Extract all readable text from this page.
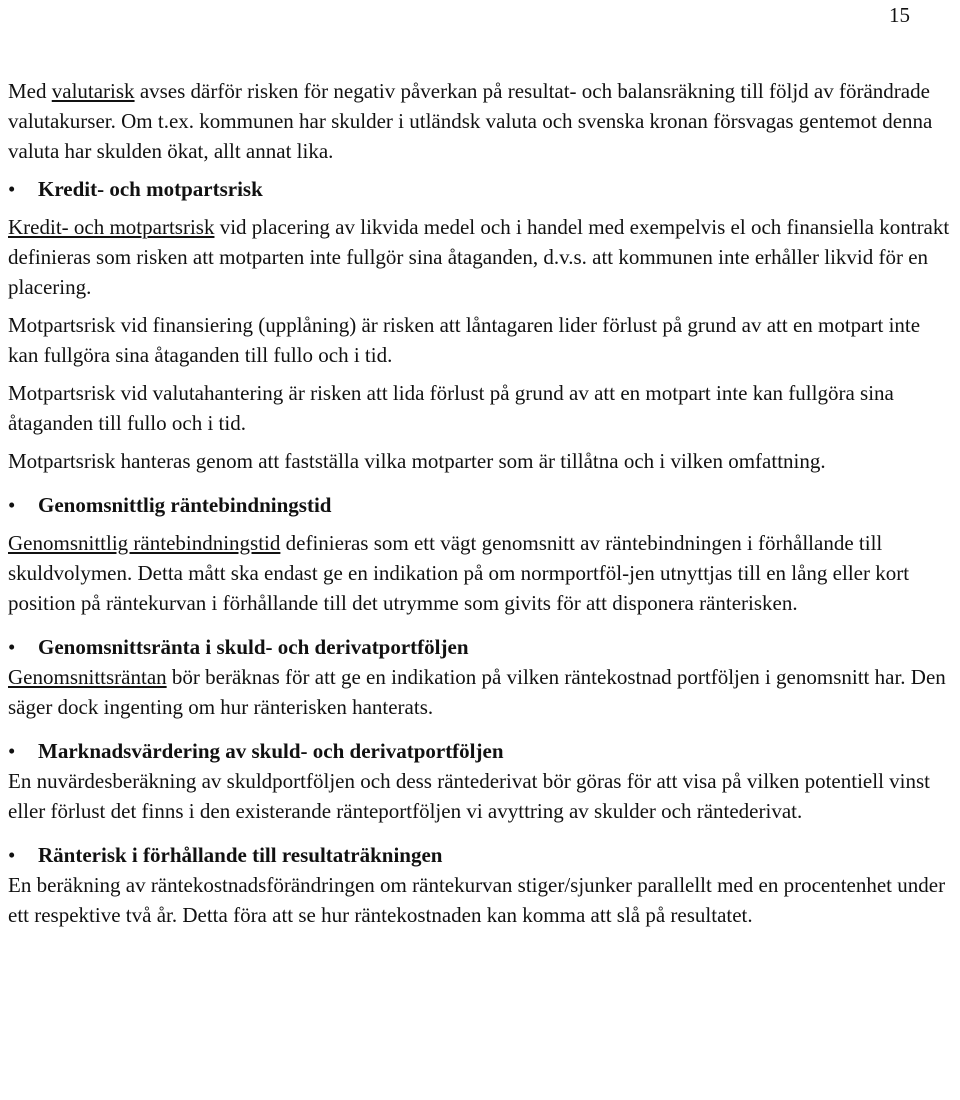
15

Med valutarisk avses därför risken för negativ påverkan på resultat- och balansräkning till följd av förändrade valutakurser. Om t.ex. kommunen har skulder i utländsk valuta och svenska kronan försvagas gentemot denna valuta har skulden ökat, allt annat lika.

• Kredit- och motpartsrisk

Kredit- och motpartsrisk vid placering av likvida medel och i handel med exempelvis el och finansiella kontrakt definieras som risken att motparten inte fullgör sina åtaganden, d.v.s. att kommunen inte erhåller likvid för en placering.

Motpartsrisk vid finansiering (upplåning) är risken att låntagaren lider förlust på grund av att en motpart inte kan fullgöra sina åtaganden till fullo och i tid.

Motpartsrisk vid valutahantering är risken att lida förlust på grund av att en motpart inte kan fullgöra sina åtaganden till fullo och i tid.

Motpartsrisk hanteras genom att fastställa vilka motparter som är tillåtna och i vilken omfattning.

• Genomsnittlig räntebindningstid

Genomsnittlig räntebindningstid definieras som ett vägt genomsnitt av räntebindningen i förhållande till skuldvolymen. Detta mått ska endast ge en indikation på om normportföl-jen utnyttjas till en lång eller kort position på räntekurvan i förhållande till det utrymme som givits för att disponera ränterisken.

• Genomsnittsränta i skuld- och derivatportföljen

Genomsnittsräntan bör beräknas för att ge en indikation på vilken räntekostnad portföljen i genomsnitt har. Den säger dock ingenting om hur ränterisken hanterats.

• Marknadsvärdering av skuld- och derivatportföljen

En nuvärdesberäkning av skuldportföljen och dess räntederivat bör göras för att visa på vilken potentiell vinst eller förlust det finns i den existerande ränteportföljen vi avyttring av skulder och räntederivat.

• Ränterisk i förhållande till resultaträkningen

En beräkning av räntekostnadsförändringen om räntekurvan stiger/sjunker parallellt med en procentenhet under ett respektive två år. Detta föra att se hur räntekostnaden kan komma att slå på resultatet.
